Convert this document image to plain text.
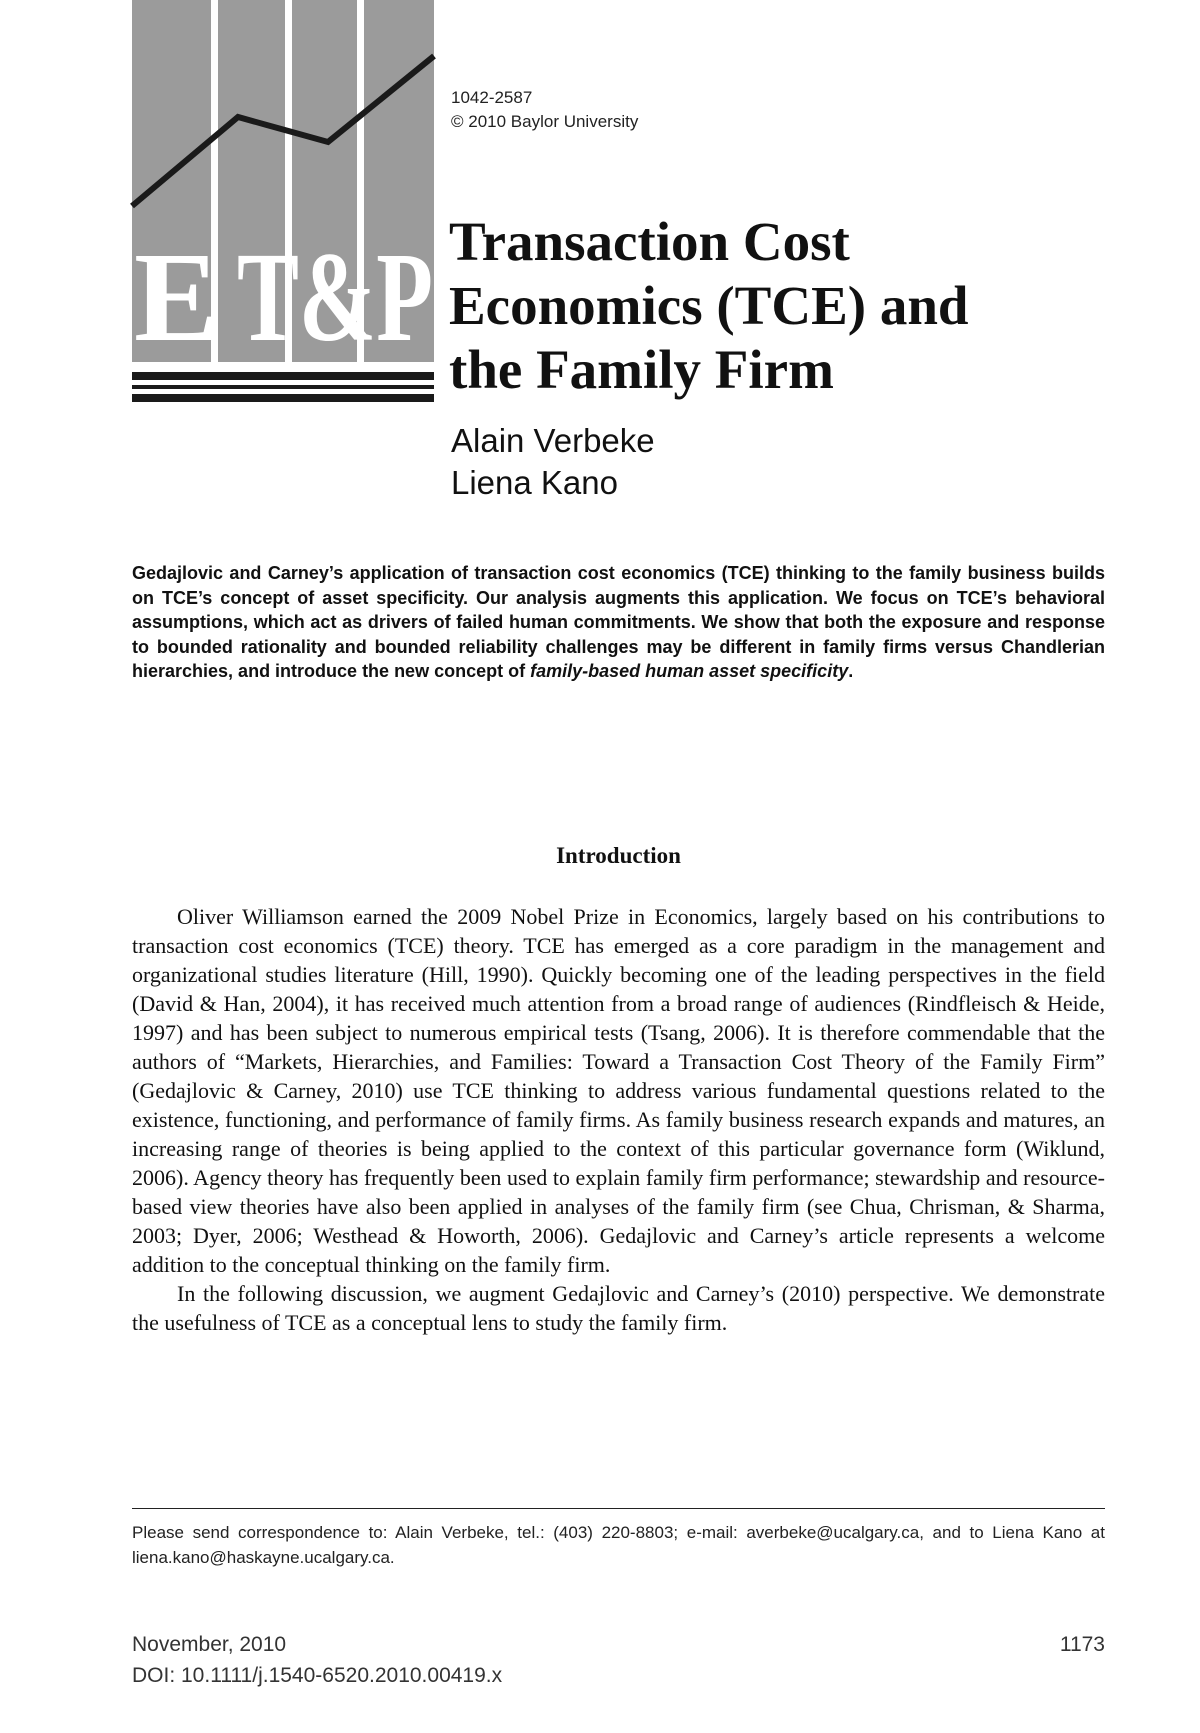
E T&P
1042-2587
© 2010 Baylor University
Transaction Cost
Economics (TCE) and
the Family Firm
Alain Verbeke
Liena Kano

Gedajlovic and Carney’s application of transaction cost economics (TCE) thinking to the family business builds on TCE’s concept of asset specificity. Our analysis augments this application. We focus on TCE’s behavioral assumptions, which act as drivers of failed human commitments. We show that both the exposure and response to bounded rationality and bounded reliability challenges may be different in family firms versus Chandlerian hierarchies, and introduce the new concept of family-based human asset specificity.

Introduction

Oliver Williamson earned the 2009 Nobel Prize in Economics, largely based on his contributions to transaction cost economics (TCE) theory. TCE has emerged as a core paradigm in the management and organizational studies literature (Hill, 1990). Quickly becoming one of the leading perspectives in the field (David & Han, 2004), it has received much attention from a broad range of audiences (Rindfleisch & Heide, 1997) and has been subject to numerous empirical tests (Tsang, 2006). It is therefore commendable that the authors of “Markets, Hierarchies, and Families: Toward a Transaction Cost Theory of the Family Firm” (Gedajlovic & Carney, 2010) use TCE thinking to address various fundamental questions related to the existence, functioning, and performance of family firms. As family business research expands and matures, an increasing range of theories is being applied to the context of this particular governance form (Wiklund, 2006). Agency theory has frequently been used to explain family firm performance; stewardship and resource-based view theories have also been applied in analyses of the family firm (see Chua, Chrisman, & Sharma, 2003; Dyer, 2006; Westhead & Howorth, 2006). Gedajlovic and Carney’s article represents a welcome addition to the conceptual thinking on the family firm.

In the following discussion, we augment Gedajlovic and Carney’s (2010) perspective. We demonstrate the usefulness of TCE as a conceptual lens to study the family firm.

Please send correspondence to: Alain Verbeke, tel.: (403) 220-8803; e-mail: averbeke@ucalgary.ca, and to Liena Kano at liena.kano@haskayne.ucalgary.ca.

November, 2010
DOI: 10.1111/j.1540-6520.2010.00419.x
1173
